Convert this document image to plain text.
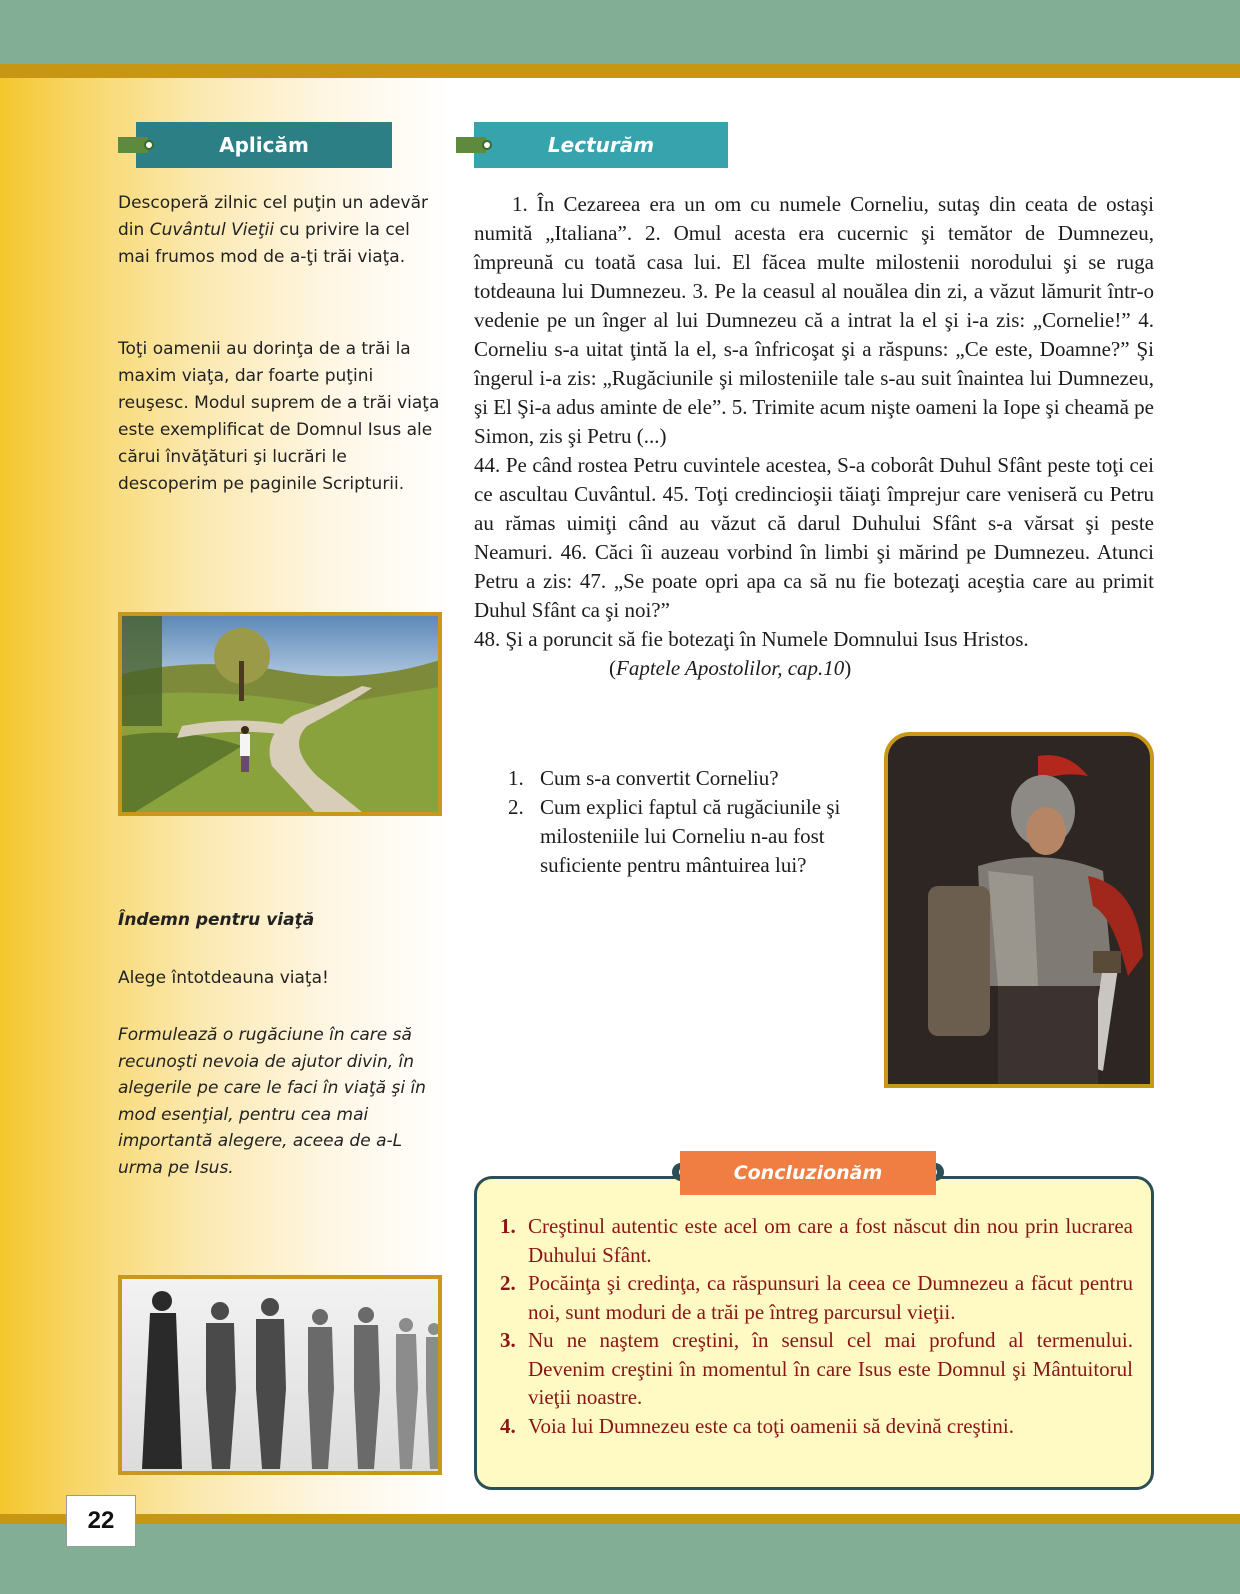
Aplicăm	Lecturăm

Descoperă zilnic cel puţin un adevăr din Cuvântul Vieţii cu privire la cel mai frumos mod de a-ţi trăi viaţa.

Toţi oamenii au dorinţa de a trăi la maxim viaţa, dar foarte puţini reuşesc. Modul suprem de a trăi viaţa este exemplificat de Domnul Isus ale cărui învăţături şi lucrări le descoperim pe paginile Scripturii.

Îndemn pentru viaţă
Alege întotdeauna viaţa!

Formulează o rugăciune în care să recunoşti nevoia de ajutor divin, în alegerile pe care le faci în viaţă şi în mod esenţial, pentru cea mai importantă alegere, aceea de a-L urma pe Isus.

1. În Cezareea era un om cu numele Corneliu, sutaş din ceata de ostaşi numită „Italiana”. 2. Omul acesta era cucernic şi temător de Dumnezeu, împreună cu toată casa lui. El făcea multe milostenii norodului şi se ruga totdeauna lui Dumnezeu. 3. Pe la ceasul al nouălea din zi, a văzut lămurit într-o vedenie pe un înger al lui Dumnezeu că a intrat la el şi i-a zis: „Cornelie!” 4. Corneliu s-a uitat ţintă la el, s-a înfricoşat şi a răspuns: „Ce este, Doamne?” Şi îngerul i-a zis: „Rugăciunile şi milosteniile tale s-au suit înaintea lui Dumnezeu, şi El Şi-a adus aminte de ele”. 5. Trimite acum nişte oameni la Iope şi cheamă pe Simon, zis şi Petru (...)

44. Pe când rostea Petru cuvintele acestea, S-a coborât Duhul Sfânt peste toţi cei ce ascultau Cuvântul. 45. Toţi credincioşii tăiaţi împrejur care veniseră cu Petru au rămas uimiţi când au văzut că darul Duhului Sfânt s-a vărsat şi peste Neamuri. 46. Căci îi auzeau vorbind în limbi şi mărind pe Dumnezeu. Atunci Petru a zis: 47. „Se poate opri apa ca să nu fie botezaţi aceştia care au primit Duhul Sfânt ca şi noi?”

48. Şi a poruncit să fie botezaţi în Numele Domnului Isus Hristos.

(Faptele Apostolilor, cap.10)

1. Cum s-a convertit Corneliu?
2. Cum explici faptul că rugăciunile şi milosteniile lui Corneliu n-au fost suficiente pentru mântuirea lui?
Concluzionăm
1. Creştinul autentic este acel om care a fost născut din nou prin lucrarea Duhului Sfânt.
2. Pocăinţa şi credinţa, ca răspunsuri la ceea ce Dumnezeu a făcut pentru noi, sunt moduri de a trăi pe întreg parcursul vieţii.
3. Nu ne naştem creştini, în sensul cel mai profund al termenului. Devenim creştini în momentul în care Isus este Domnul şi Mântuitorul vieţii noastre.
4. Voia lui Dumnezeu este ca toţi oamenii să devină creştini.
22
